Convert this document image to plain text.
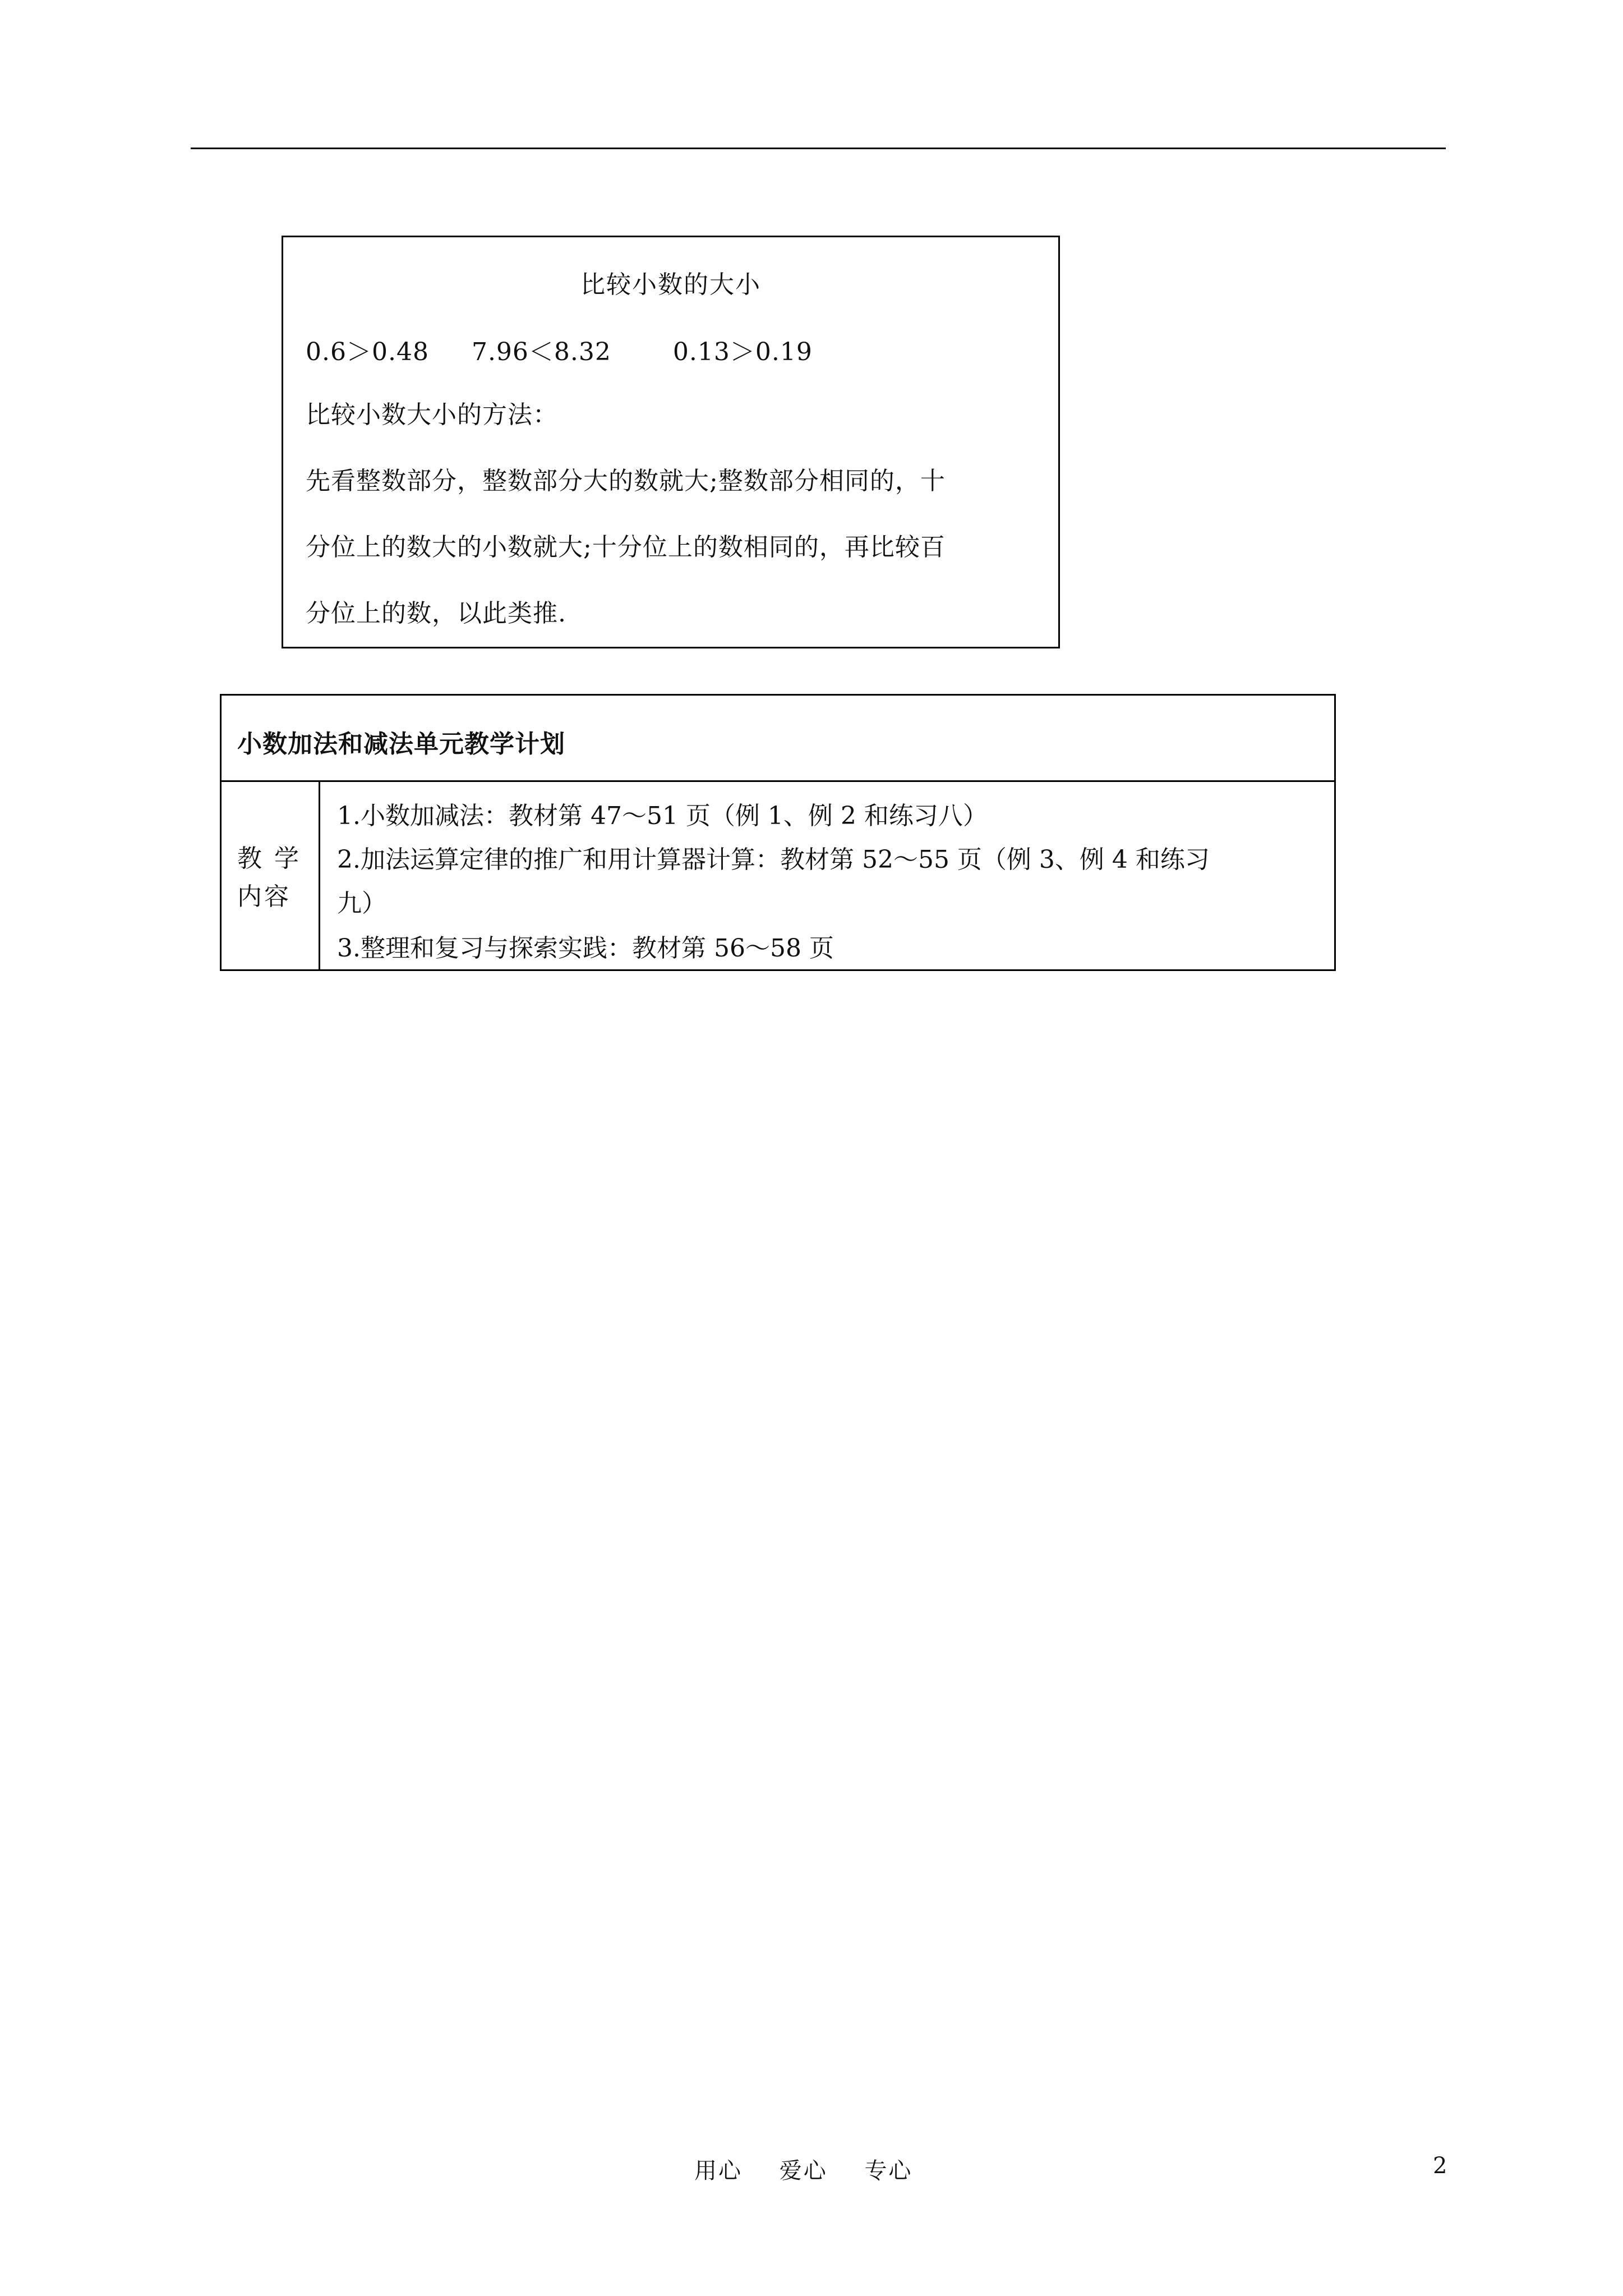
比较小数的大小
0.6＞0.48 7.96＜8.32	0.13＞0.19
比较小数大小的方法：
先看整数部分，整数部分大的数就大;整数部分相同的，十
分位上的数大的小数就大;十分位上的数相同的，再比较百
分位上的数，以此类推.
小数加法和减法单元教学计划
教学
内容
1.小数加减法：教材第 47～51 页（例 1、例 2 和练习八）
2.加法运算定律的推广和用计算器计算：教材第 52～55 页（例 3、例 4 和练习
九）
3.整理和复习与探索实践：教材第 56～58 页
用心 爱心 专心	2
